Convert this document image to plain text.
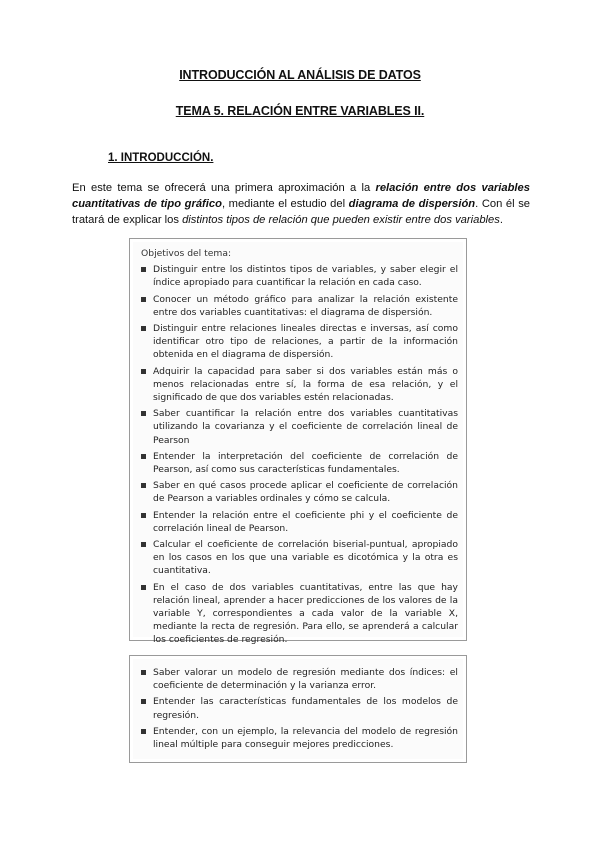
INTRODUCCIÓN AL ANÁLISIS DE DATOS
TEMA 5. RELACIÓN ENTRE VARIABLES II.
1. INTRODUCCIÓN.

En este tema se ofrecerá una primera aproximación a la relación entre dos variables cuantitativas de tipo gráfico, mediante el estudio del diagrama de dispersión. Con él se tratará de explicar los distintos tipos de relación que pueden existir entre dos variables.

Objetivos del tema:
Distinguir entre los distintos tipos de variables, y saber elegir el índice apropiado para cuantificar la relación en cada caso.
Conocer un método gráfico para analizar la relación existente entre dos variables cuantitativas: el diagrama de dispersión.
Distinguir entre relaciones lineales directas e inversas, así como identificar otro tipo de relaciones, a partir de la información obtenida en el diagrama de dispersión.
Adquirir la capacidad para saber si dos variables están más o menos relacionadas entre sí, la forma de esa relación, y el significado de que dos variables estén relacionadas.
Saber cuantificar la relación entre dos variables cuantitativas utilizando la covarianza y el coeficiente de correlación lineal de Pearson
Entender la interpretación del coeficiente de correlación de Pearson, así como sus características fundamentales.
Saber en qué casos procede aplicar el coeficiente de correlación de Pearson a variables ordinales y cómo se calcula.
Entender la relación entre el coeficiente phi y el coeficiente de correlación lineal de Pearson.
Calcular el coeficiente de correlación biserial-puntual, apropiado en los casos en los que una variable es dicotómica y la otra es cuantitativa.
En el caso de dos variables cuantitativas, entre las que hay relación lineal, aprender a hacer predicciones de los valores de la variable Y, correspondientes a cada valor de la variable X, mediante la recta de regresión. Para ello, se aprenderá a calcular los coeficientes de regresión.
Saber valorar un modelo de regresión mediante dos índices: el coeficiente de determinación y la varianza error.
Entender las características fundamentales de los modelos de regresión.
Entender, con un ejemplo, la relevancia del modelo de regresión lineal múltiple para conseguir mejores predicciones.
